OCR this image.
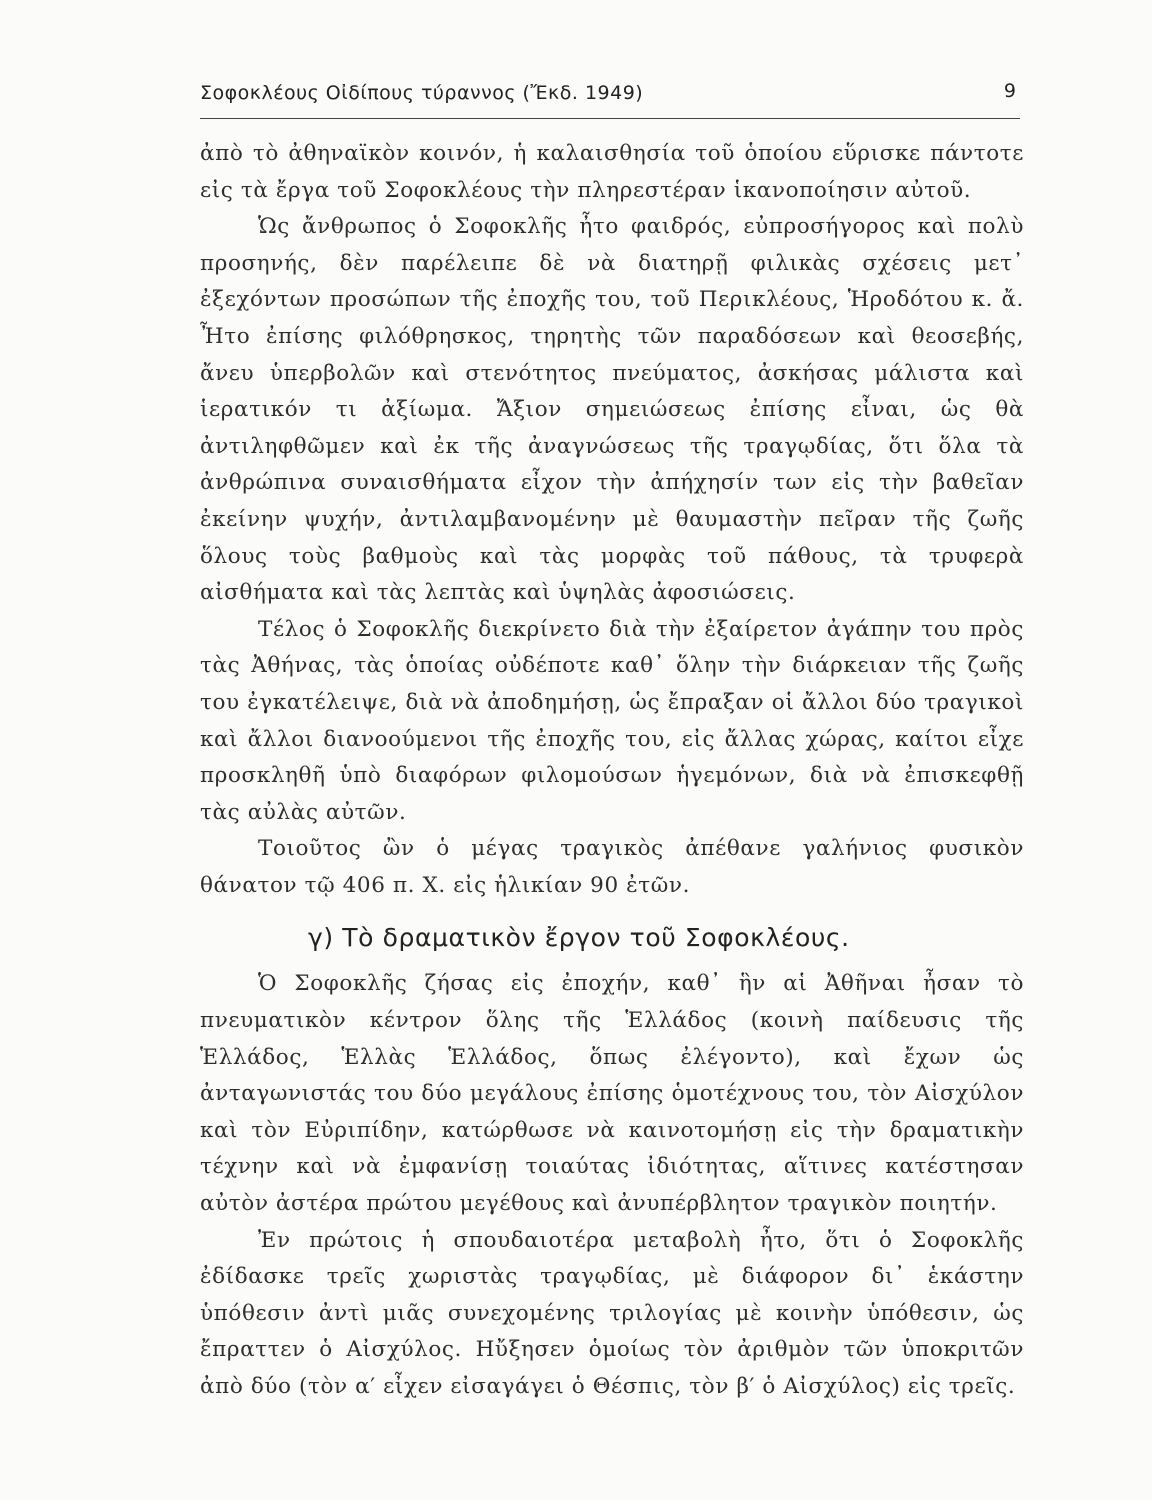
Σοφοκλέους Οἰδίπους τύραννος (Ἔκδ. 1949)	9

ἀπὸ τὸ ἀθηναϊκὸν κοινόν, ἡ καλαισθησία τοῦ ὁποίου εὕρισκε πάντοτε εἰς τὰ ἔργα τοῦ Σοφοκλέους τὴν πληρεστέραν ἱκανοποίησιν αὐτοῦ.

Ὡς ἄνθρωπος ὁ Σοφοκλῆς ἦτο φαιδρός, εὐπροσήγορος καὶ πολὺ προσηνής, δὲν παρέλειπε δὲ νὰ διατηρῇ φιλικὰς σχέσεις μετ᾽ ἐξεχόντων προσώπων τῆς ἐποχῆς του, τοῦ Περικλέους, Ἡροδότου κ. ἄ. Ἦτο ἐπίσης φιλόθρησκος, τηρητὴς τῶν παραδόσεων καὶ θεοσεβής, ἄνευ ὑπερβολῶν καὶ στενότητος πνεύματος, ἀσκήσας μάλιστα καὶ ἱερατικόν τι ἀξίωμα. Ἄξιον σημειώσεως ἐπίσης εἶναι, ὡς θὰ ἀντιληφθῶμεν καὶ ἐκ τῆς ἀναγνώσεως τῆς τραγῳδίας, ὅτι ὅλα τὰ ἀνθρώπινα συναισθήματα εἶχον τὴν ἀπήχησίν των εἰς τὴν βαθεῖαν ἐκείνην ψυχήν, ἀντιλαμβανομένην μὲ θαυμαστὴν πεῖραν τῆς ζωῆς ὅλους τοὺς βαθμοὺς καὶ τὰς μορφὰς τοῦ πάθους, τὰ τρυφερὰ αἰσθήματα καὶ τὰς λεπτὰς καὶ ὑψηλὰς ἀφοσιώσεις.

Τέλος ὁ Σοφοκλῆς διεκρίνετο διὰ τὴν ἐξαίρετον ἀγάπην του πρὸς τὰς Ἀθήνας, τὰς ὁποίας οὐδέποτε καθ᾽ ὅλην τὴν διάρκειαν τῆς ζωῆς του ἐγκατέλειψε, διὰ νὰ ἀποδημήσῃ, ὡς ἔπραξαν οἱ ἄλλοι δύο τραγικοὶ καὶ ἄλλοι διανοούμενοι τῆς ἐποχῆς του, εἰς ἄλλας χώρας, καίτοι εἶχε προσκληθῆ ὑπὸ διαφόρων φιλομούσων ἡγεμόνων, διὰ νὰ ἐπισκεφθῇ τὰς αὐλὰς αὐτῶν.

Τοιοῦτος ὢν ὁ μέγας τραγικὸς ἀπέθανε γαλήνιος φυσικὸν θάνατον τῷ 406 π. Χ. εἰς ἡλικίαν 90 ἐτῶν.

γ) Τὸ δραματικὸν ἔργον τοῦ Σοφοκλέους.

Ὁ Σοφοκλῆς ζήσας εἰς ἐποχήν, καθ᾽ ἣν αἱ Ἀθῆναι ἦσαν τὸ πνευματικὸν κέντρον ὅλης τῆς Ἑλλάδος (κοινὴ παίδευσις τῆς Ἑλλάδος, Ἑλλὰς Ἑλλάδος, ὅπως ἐλέγοντο), καὶ ἔχων ὡς ἀνταγωνιστάς του δύο μεγάλους ἐπίσης ὁμοτέχνους του, τὸν Αἰσχύλον καὶ τὸν Εὐριπίδην, κατώρθωσε νὰ καινοτομήσῃ εἰς τὴν δραματικὴν τέχνην καὶ νὰ ἐμφανίσῃ τοιαύτας ἰδιότητας, αἵτινες κατέστησαν αὐτὸν ἀστέρα πρώτου μεγέθους καὶ ἀνυπέρβλητον τραγικὸν ποιητήν.

Ἐν πρώτοις ἡ σπουδαιοτέρα μεταβολὴ ἦτο, ὅτι ὁ Σοφοκλῆς ἐδίδασκε τρεῖς χωριστὰς τραγῳδίας, μὲ διάφορον δι᾽ ἑκάστην ὑπόθεσιν ἀντὶ μιᾶς συνεχομένης τριλογίας μὲ κοινὴν ὑπόθεσιν, ὡς ἔπραττεν ὁ Αἰσχύλος. Ηὔξησεν ὁμοίως τὸν ἀριθμὸν τῶν ὑποκριτῶν ἀπὸ δύο (τὸν α′ εἶχεν εἰσαγάγει ὁ Θέσπις, τὸν β′ ὁ Αἰσχύλος) εἰς τρεῖς.
